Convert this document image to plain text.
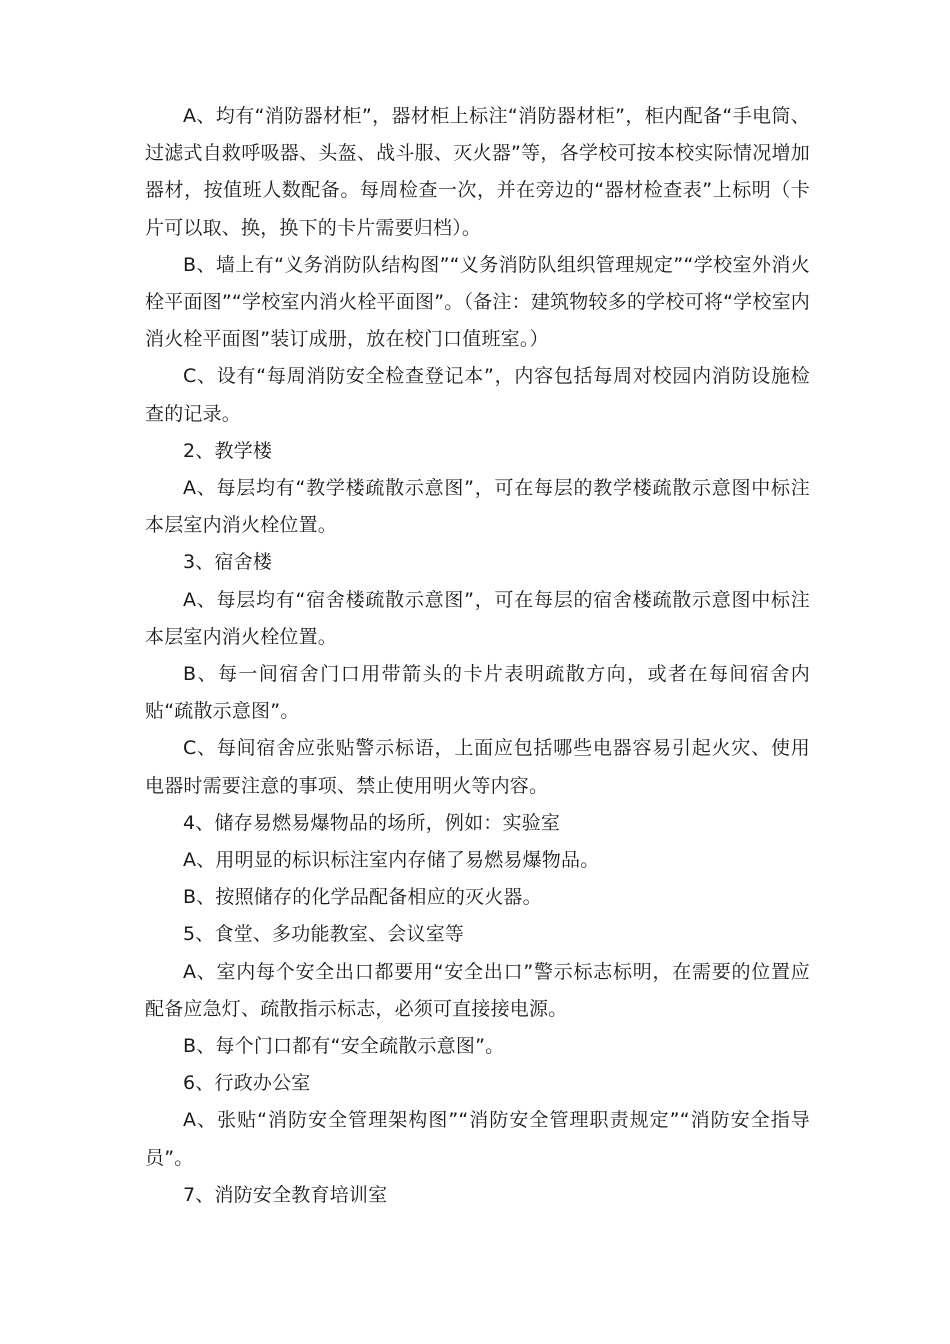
A、均有“消防器材柜”，器材柜上标注“消防器材柜”，柜内配备“手电筒、过滤式自救呼吸器、头盔、战斗服、灭火器”等，各学校可按本校实际情况增加器材，按值班人数配备。每周检查一次，并在旁边的“器材检查表”上标明（卡片可以取、换，换下的卡片需要归档）。

B、墙上有“义务消防队结构图”“义务消防队组织管理规定”“学校室外消火栓平面图”“学校室内消火栓平面图”。（备注：建筑物较多的学校可将“学校室内消火栓平面图”装订成册，放在校门口值班室。）

C、设有“每周消防安全检查登记本”，内容包括每周对校园内消防设施检查的记录。

2、教学楼

A、每层均有“教学楼疏散示意图”，可在每层的教学楼疏散示意图中标注本层室内消火栓位置。

3、宿舍楼

A、每层均有“宿舍楼疏散示意图”，可在每层的宿舍楼疏散示意图中标注本层室内消火栓位置。

B、每一间宿舍门口用带箭头的卡片表明疏散方向，或者在每间宿舍内贴“疏散示意图”。

C、每间宿舍应张贴警示标语，上面应包括哪些电器容易引起火灾、使用电器时需要注意的事项、禁止使用明火等内容。

4、储存易燃易爆物品的场所，例如：实验室

A、用明显的标识标注室内存储了易燃易爆物品。

B、按照储存的化学品配备相应的灭火器。

5、食堂、多功能教室、会议室等

A、室内每个安全出口都要用“安全出口”警示标志标明，在需要的位置应配备应急灯、疏散指示标志，必须可直接接电源。

B、每个门口都有“安全疏散示意图”。

6、行政办公室

A、张贴“消防安全管理架构图”“消防安全管理职责规定”“消防安全指导员”。

7、消防安全教育培训室
